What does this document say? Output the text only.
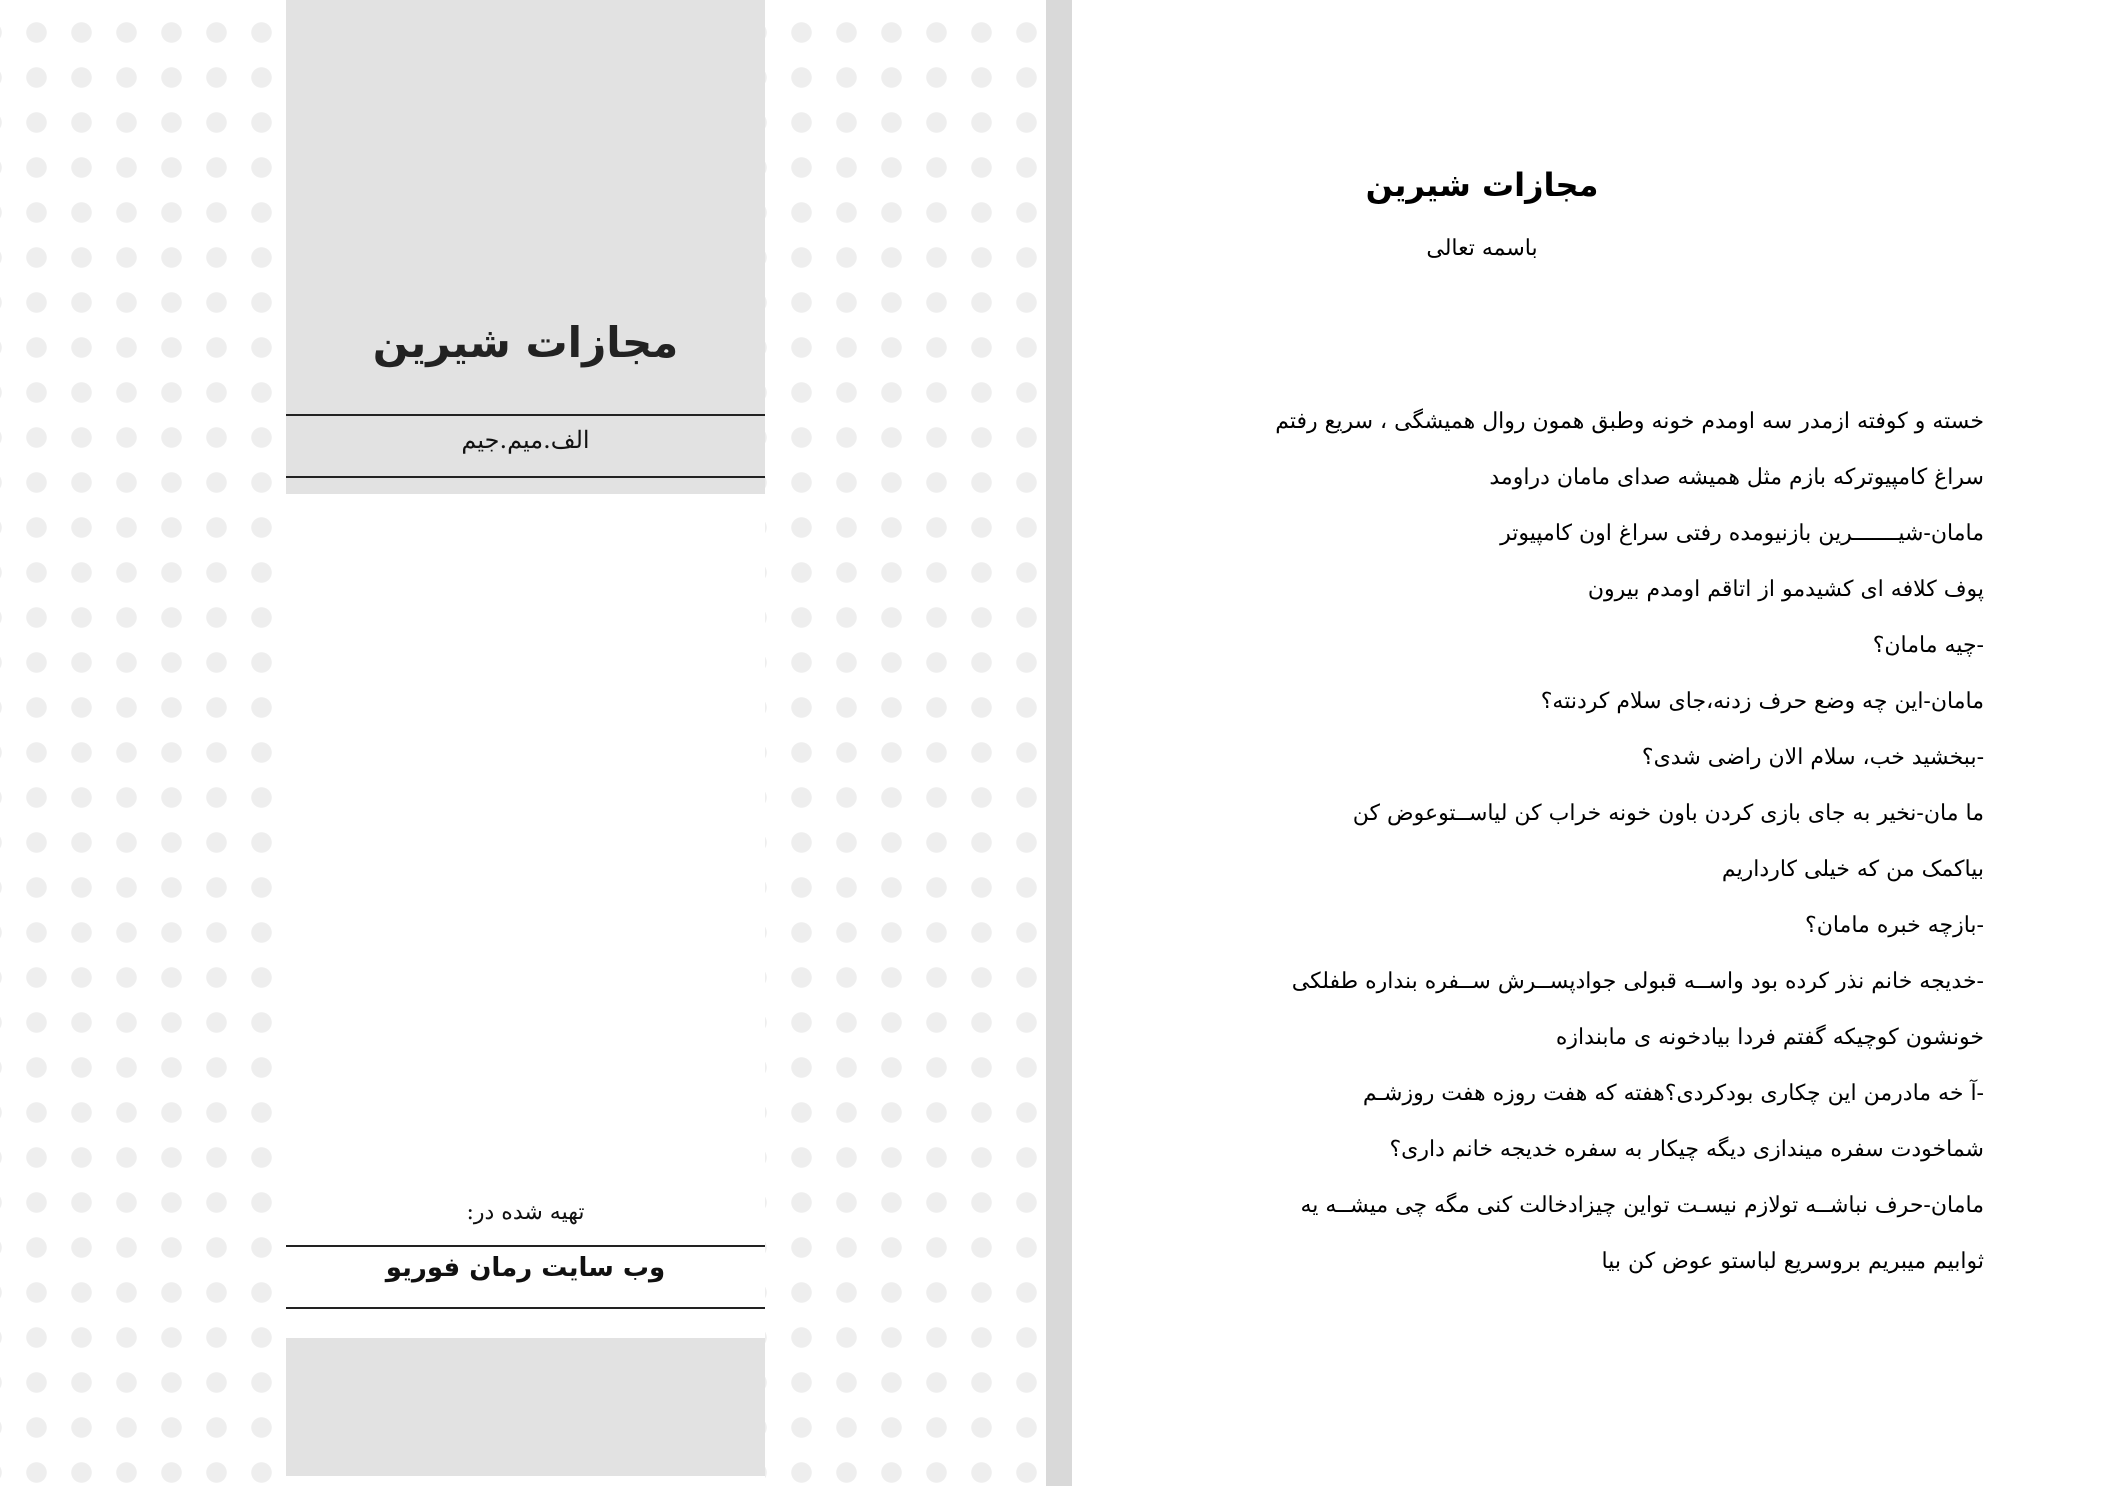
مجازات شیرین
الف.میم.جیم
تهیه شده در:
وب سایت رمان فوریو
مجازات شیرین
باسمه تعالی
خسته و کوفته ازمدر سه اومدم خونه وطبق همون روال همیشگی ، سریع رفتم
سراغ کامپیوترکه بازم مثل همیشه صدای مامان دراومد
مامان-شیـــــــرین بازنیومده رفتی سراغ اون کامپیوتر
پوف کلافه ای کشیدمو از اتاقم اومدم بیرون
-چیه مامان؟
مامان-این چه وضع حرف زدنه،جای سلام کردنته؟
-ببخشید خب، سلام الان راضی شدی؟
ما مان-نخیر به جای بازی کردن باون خونه خراب کن لیاســتوعوض کن
بیاکمک من که خیلی کارداریم
-بازچه خبره مامان؟
-خدیجه خانم نذر کرده بود واســه قبولی جوادپســرش ســفره بنداره طفلکی
خونشون کوچیکه گفتم فردا بیادخونه ی مابندازه
-آ خه مادرمن این چکاری بودکردی؟هفته که هفت روزه هفت روزشـم
شماخودت سفره میندازی دیگه چیکار به سفره خدیجه خانم داری؟
مامان-حرف نباشــه تولازم نیسـت تواین چیزادخالت کنی مگه چی میشــه یه
ثوابیم میبریم بروسریع لباستو عوض کن بیا
